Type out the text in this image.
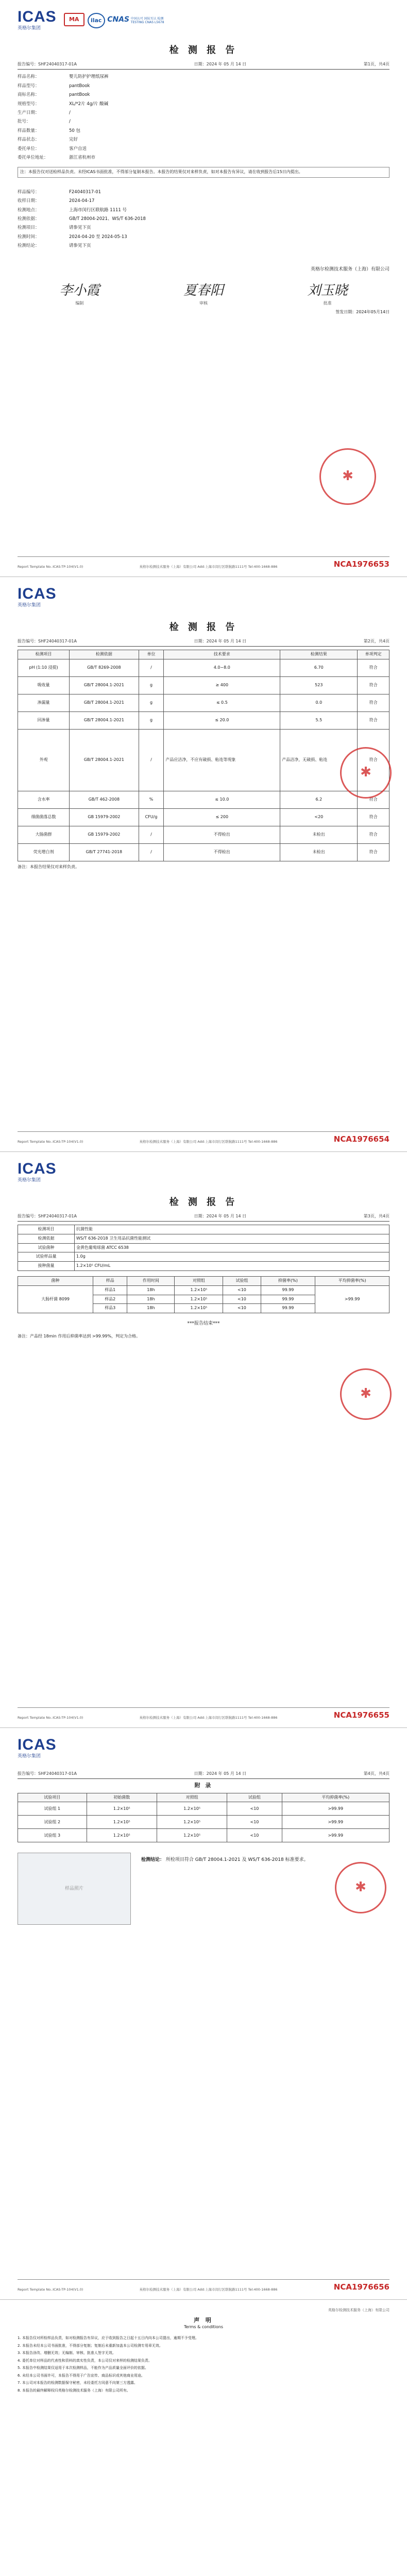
ICAS
英格尔集团
MA	ilac CNAS 中国认可 国际互认 检测 TESTING CNAS L5678
检 测 报 告
报告编号：SHF24040317-01A	日期：2024 年 05 月 14 日	第1页，共4页
样品名称：	婴儿防护护理纸尿裤
样品型号：	pantBook
商标名称：	pantBook
规格型号：	XL/*2片 4g/片 酸碱
生产日期：	/
批号：	/
样品数量：	50 包
样品状态：	完好
委托单位：	客户自送
委托单位地址：	浙江省杭州市
注：本报告仅对送检样品负责。未经ICAS书面批准，不得部分复制本报告。本报告的结果仅对来样负责，如对本报告有异议，请在收到报告后15日内提出。
样品编号：	F24040317-01
收样日期：	2024-04-17
检测地点：	上海市闵行区联航路 1111 号
检测依据：	GB/T 28004-2021、WS/T 636-2018
检测项目：	请参见下页
检测时间：	2024-04-20 至 2024-05-13
检测结论：	请参见下页
英格尔检测技术服务（上海）有限公司
李小霞
编制
夏春阳
审核
刘玉晓
批准
签发日期：2024年05月14日
✱
Report Template No.:ICAS-TP-104(V1.0)	英格尔检测技术服务（上海）有限公司 Add:上海市闵行区联航路1111号 Tel:400-1668-886	NCA1976653
ICAS
英格尔集团
检 测 报 告
报告编号：SHF24040317-01A	日期：2024 年 05 月 14 日	第2页，共4页
检测项目	检测依据	单位	技术要求	检测结果	单项判定
pH (1:10 浸提)	GB/T 8269-2008	/	4.0~8.0	6.70	符合
吸收量	GB/T 28004.1-2021	g	≥ 400	523	符合
渗漏量	GB/T 28004.1-2021	g	≤ 0.5	0.0	符合
回渗量	GB/T 28004.1-2021	g	≤ 20.0	5.5	符合
外观	GB/T 28004.1-2021	/	产品应洁净，不应有破损、粘连等现象	产品洁净，无破损、粘连	符合
含水率	GB/T 462-2008	%	≤ 10.0	6.2	符合
细菌菌落总数	GB 15979-2002	CFU/g	≤ 200	<20	符合
大肠菌群	GB 15979-2002	/	不得检出	未检出	符合
荧光增白剂	GB/T 27741-2018	/	不得检出	未检出	符合
备注：本报告结果仅对来样负责。
✱
Report Template No.:ICAS-TP-104(V1.0)	英格尔检测技术服务（上海）有限公司 Add:上海市闵行区联航路1111号 Tel:400-1668-886	NCA1976654
ICAS
英格尔集团
检 测 报 告
报告编号：SHF24040317-01A	日期：2024 年 05 月 14 日	第3页，共4页
检测项目	抗菌性能
检测依据	WS/T 636-2018 卫生用品抗菌性能测试
试验菌种	金黄色葡萄球菌 ATCC 6538
试验样品量	1.0g
接种菌量	1.2×10⁵ CFU/mL
菌种	样品	作用时间	对照组	试验组	抑菌率(%)	平均抑菌率(%)
大肠杆菌 8099	样品1	18h	1.2×10⁵	<10	99.99	>99.99
	样品2	18h	1.2×10⁵	<10	99.99	
	样品3	18h	1.2×10⁵	<10	99.99	
***报告结束***
备注：产品经 18min 作用后抑菌率达到 >99.99%，判定为合格。
✱
Report Template No.:ICAS-TP-104(V1.0)	英格尔检测技术服务（上海）有限公司 Add:上海市闵行区联航路1111号 Tel:400-1668-886	NCA1976655
ICAS
英格尔集团
报告编号：SHF24040317-01A	日期：2024 年 05 月 14 日	第4页，共4页
附 录
试验项目	初始菌数	对照组	试验组	平均抑菌率(%)
试验组 1	1.2×10⁵	1.2×10⁵	<10	>99.99
试验组 2	1.2×10⁵	1.2×10⁵	<10	>99.99
试验组 3	1.2×10⁵	1.2×10⁵	<10	>99.99
样品照片
检测结论： 所检项目符合 GB/T 28004.1-2021 及 WS/T 636-2018 标准要求。
✱
Report Template No.:ICAS-TP-104(V1.0)	英格尔检测技术服务（上海）有限公司 Add:上海市闵行区联航路1111号 Tel:400-1668-886	NCA1976656
英格尔检测技术服务（上海）有限公司
声 明
Terms & conditions

1. 本报告仅对所检样品负责，如对检测报告有异议，应于收到报告之日起十五日内向本公司提出，逾期不予受理。

2. 本报告未经本公司书面批准，不得部分复制；复制后未重新加盖本公司检测专用章无效。

3. 本报告涂改、增删无效；无编制、审核、批准人签字无效。

4. 委托单位对样品的代表性和资料的真实性负责，本公司仅对来样的检测结果负责。

5. 本报告中检测结果仅适用于本次检测样品，不能作为产品质量全面评价的依据。

6. 未经本公司书面许可，本报告不得用于广告宣传、商品标识或其他商业用途。

7. 本公司对本报告的检测数据保守秘密，未经委托方同意不向第三方透露。

8. 本报告的最终解释权归英格尔检测技术服务（上海）有限公司所有。
